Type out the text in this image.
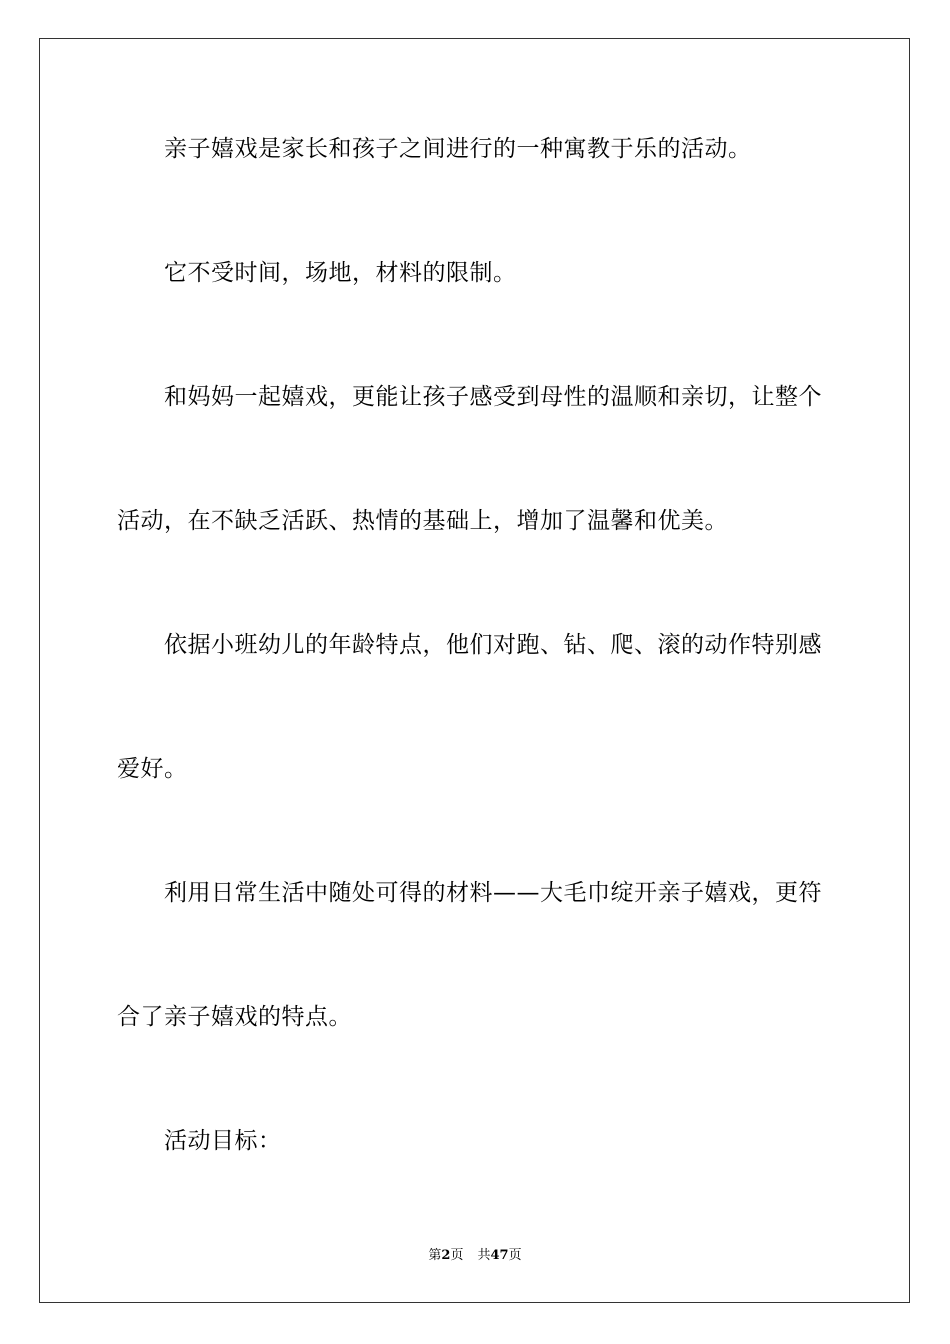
亲子嬉戏是家长和孩子之间进行的一种寓教于乐的活动。
它不受时间，场地，材料的限制。
和妈妈一起嬉戏，更能让孩子感受到母性的温顺和亲切，让整个
活动，在不缺乏活跃、热情的基础上，增加了温馨和优美。
依据小班幼儿的年龄特点，他们对跑、钻、爬、滚的动作特别感
爱好。
利用日常生活中随处可得的材料——大毛巾绽开亲子嬉戏，更符
合了亲子嬉戏的特点。
活动目标：
第2页 共47页
